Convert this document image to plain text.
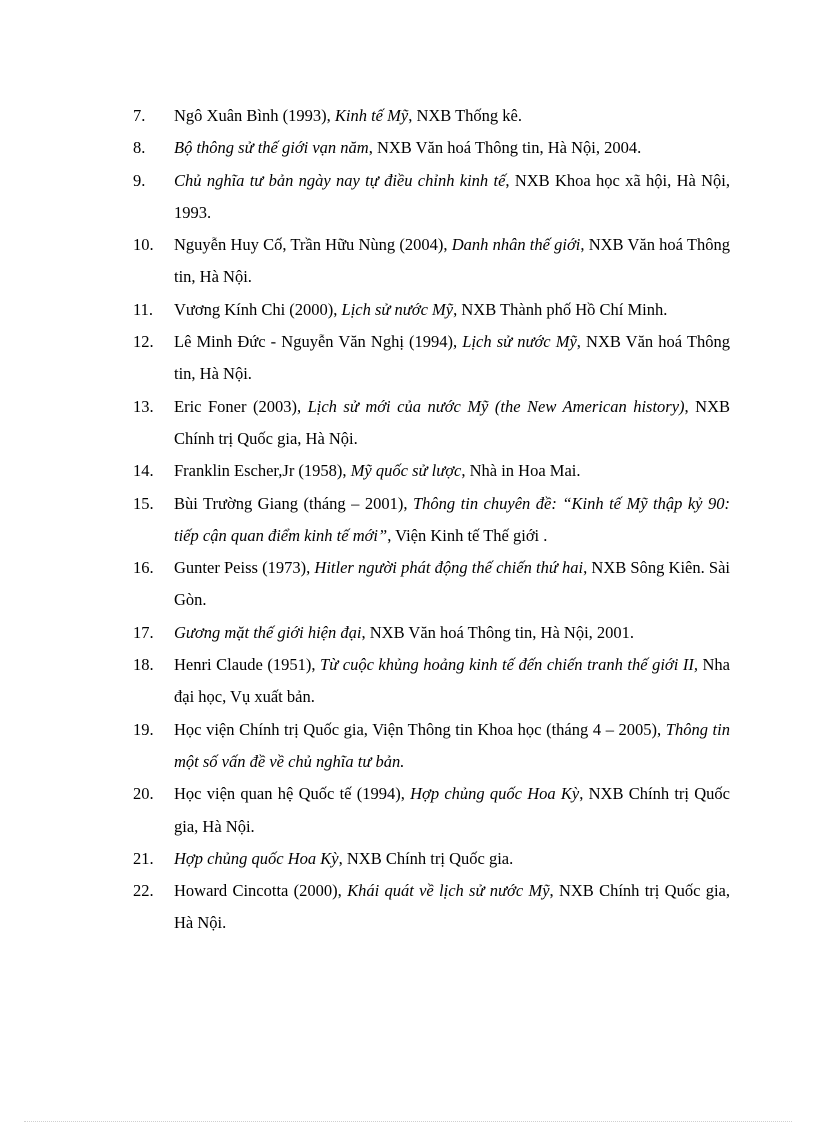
7. Ngô Xuân Bình (1993), Kinh tế Mỹ, NXB Thống kê.
8. Bộ thông sử thế giới vạn năm, NXB Văn hoá Thông tin, Hà Nội, 2004.
9. Chủ nghĩa tư bản ngày nay tự điều chỉnh kinh tế, NXB Khoa học xã hội, Hà Nội, 1993.
10. Nguyễn Huy Cố, Trần Hữu Nùng (2004), Danh nhân thế giới, NXB Văn hoá Thông tin, Hà Nội.
11. Vương Kính Chi (2000), Lịch sử nước Mỹ, NXB Thành phố Hồ Chí Minh.
12. Lê Minh Đức - Nguyễn Văn Nghị (1994), Lịch sử nước Mỹ, NXB Văn hoá Thông tin, Hà Nội.
13. Eric Foner (2003), Lịch sử mới của nước Mỹ (the New American history), NXB Chính trị Quốc gia, Hà Nội.
14. Franklin Escher,Jr (1958), Mỹ quốc sử lược, Nhà in Hoa Mai.
15. Bùi Trường Giang (tháng – 2001), Thông tin chuyên đề: “Kinh tế Mỹ thập kỷ 90: tiếp cận quan điểm kinh tế mới”, Viện Kinh tế Thế giới .
16. Gunter Peiss (1973), Hitler người phát động thế chiến thứ hai, NXB Sông Kiên. Sài Gòn.
17. Gương mặt thế giới hiện đại, NXB Văn hoá Thông tin, Hà Nội, 2001.
18. Henri Claude (1951), Từ cuộc khủng hoảng kinh tế đến chiến tranh thế giới II, Nha đại học, Vụ xuất bản.
19. Học viện Chính trị Quốc gia, Viện Thông tin Khoa học (tháng 4 – 2005), Thông tin một số vấn đề về chủ nghĩa tư bản.
20. Học viện quan hệ Quốc tế (1994), Hợp chủng quốc Hoa Kỳ, NXB Chính trị Quốc gia, Hà Nội.
21. Hợp chủng quốc Hoa Kỳ, NXB Chính trị Quốc gia.
22. Howard Cincotta (2000), Khái quát về lịch sử nước Mỹ, NXB Chính trị Quốc gia, Hà Nội.
